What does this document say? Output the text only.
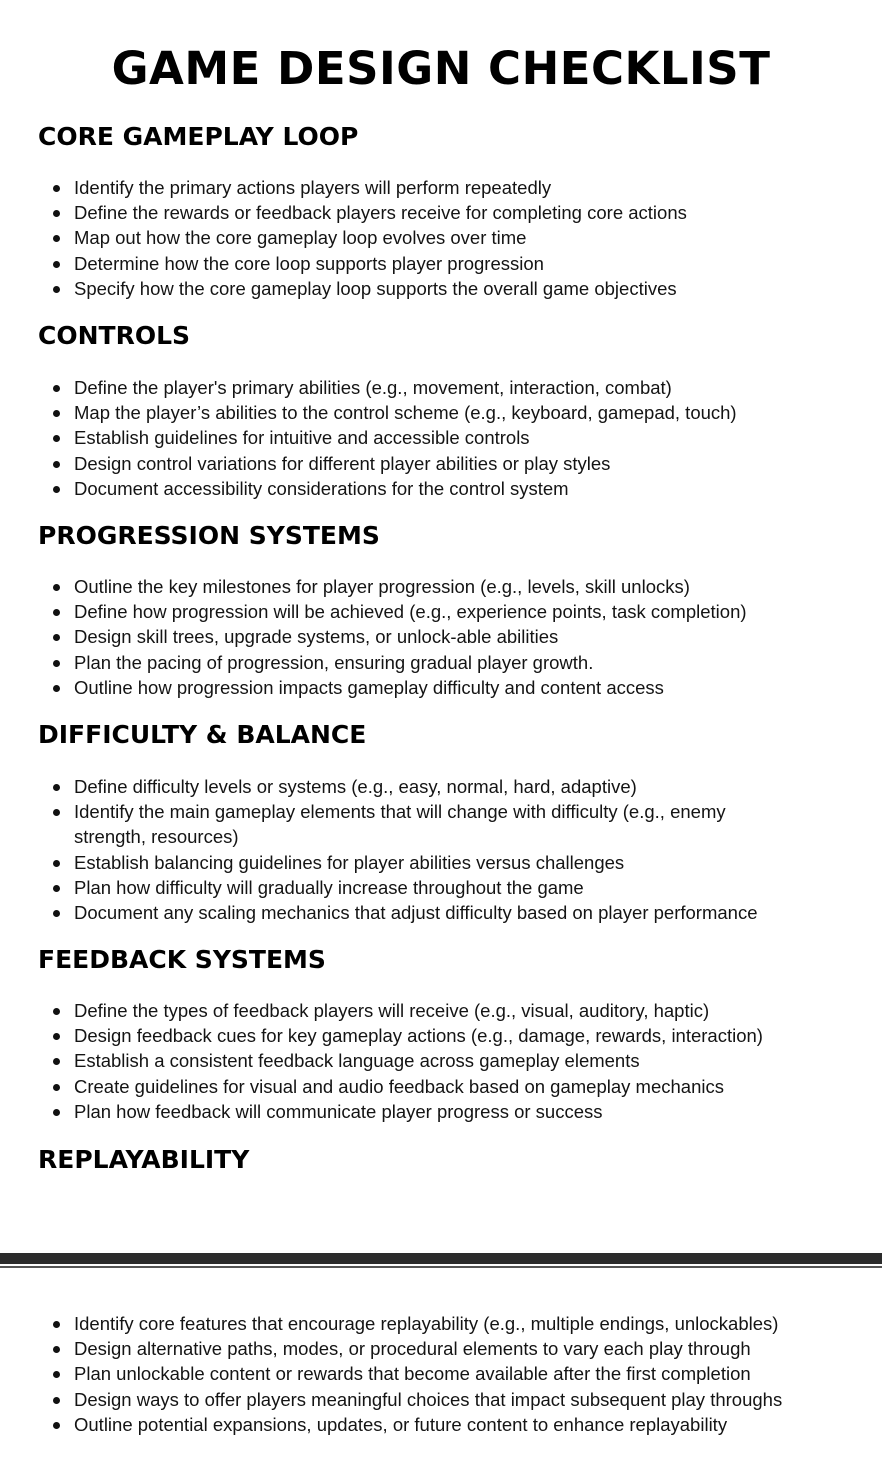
GAME DESIGN CHECKLIST
CORE GAMEPLAY LOOP
Identify the primary actions players will perform repeatedly
Define the rewards or feedback players receive for completing core actions
Map out how the core gameplay loop evolves over time
Determine how the core loop supports player progression
Specify how the core gameplay loop supports the overall game objectives
CONTROLS
Define the player's primary abilities (e.g., movement, interaction, combat)
Map the player’s abilities to the control scheme (e.g., keyboard, gamepad, touch)
Establish guidelines for intuitive and accessible controls
Design control variations for different player abilities or play styles
Document accessibility considerations for the control system
PROGRESSION SYSTEMS
Outline the key milestones for player progression (e.g., levels, skill unlocks)
Define how progression will be achieved (e.g., experience points, task completion)
Design skill trees, upgrade systems, or unlock-able abilities
Plan the pacing of progression, ensuring gradual player growth.
Outline how progression impacts gameplay difficulty and content access
DIFFICULTY & BALANCE
Define difficulty levels or systems (e.g., easy, normal, hard, adaptive)
Identify the main gameplay elements that will change with difficulty (e.g., enemy strength, resources)
Establish balancing guidelines for player abilities versus challenges
Plan how difficulty will gradually increase throughout the game
Document any scaling mechanics that adjust difficulty based on player performance
FEEDBACK SYSTEMS
Define the types of feedback players will receive (e.g., visual, auditory, haptic)
Design feedback cues for key gameplay actions (e.g., damage, rewards, interaction)
Establish a consistent feedback language across gameplay elements
Create guidelines for visual and audio feedback based on gameplay mechanics
Plan how feedback will communicate player progress or success
REPLAYABILITY
Identify core features that encourage replayability (e.g., multiple endings, unlockables)
Design alternative paths, modes, or procedural elements to vary each play through
Plan unlockable content or rewards that become available after the first completion
Design ways to offer players meaningful choices that impact subsequent play throughs
Outline potential expansions, updates, or future content to enhance replayability
